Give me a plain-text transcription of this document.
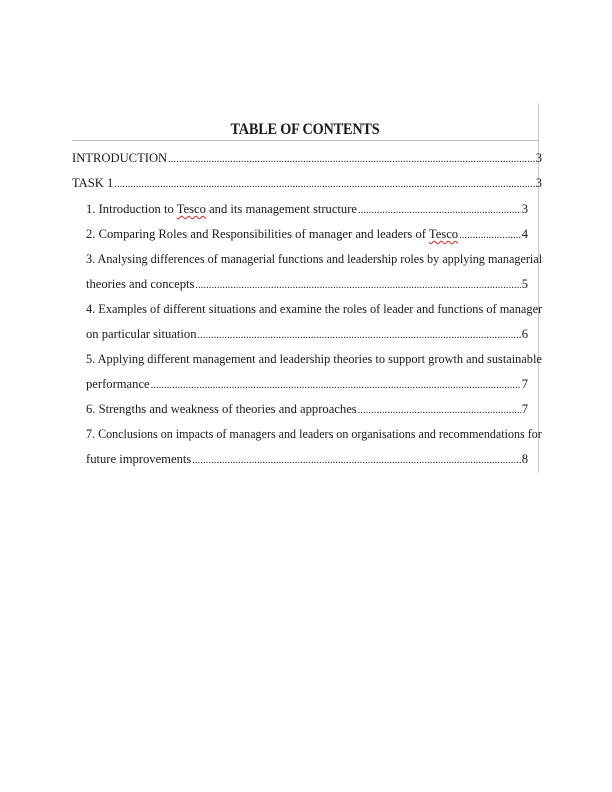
TABLE OF CONTENTS
INTRODUCTION .....	3
TASK 1 .....	3
1. Introduction to Tesco and its management structure .....	3
2. Comparing Roles and Responsibilities of manager and leaders of Tesco .....	4
3. Analysing differences of managerial functions and leadership roles by applying managerial
theories and concepts .....	5
4. Examples of different situations and examine the roles of leader and functions of manager
on particular situation .....	6
5. Applying different management and leadership theories to support growth and sustainable
performance .....	7
6. Strengths and weakness of theories and approaches .....	7
7. Conclusions on impacts of managers and leaders on organisations and recommendations for
future improvements .....	8
